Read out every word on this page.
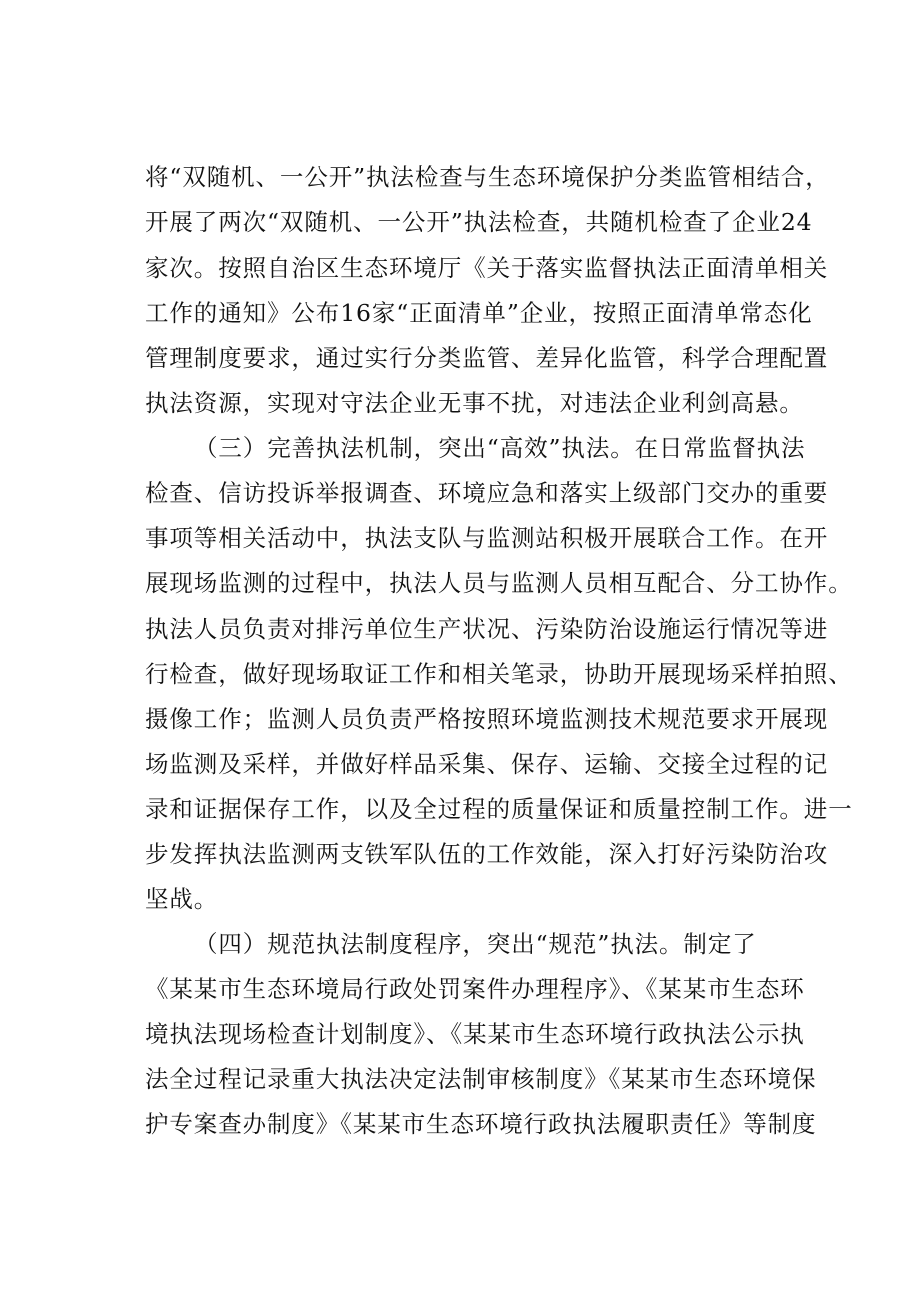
将“双随机、一公开”执法检查与生态环境保护分类监管相结合，
开展了两次“双随机、一公开”执法检查，共随机检查了企业24
家次。按照自治区生态环境厅《关于落实监督执法正面清单相关
工作的通知》公布16家“正面清单”企业，按照正面清单常态化
管理制度要求，通过实行分类监管、差异化监管，科学合理配置
执法资源，实现对守法企业无事不扰，对违法企业利剑高悬。
（三）完善执法机制，突出“高效”执法。在日常监督执法
检查、信访投诉举报调查、环境应急和落实上级部门交办的重要
事项等相关活动中，执法支队与监测站积极开展联合工作。在开
展现场监测的过程中，执法人员与监测人员相互配合、分工协作。
执法人员负责对排污单位生产状况、污染防治设施运行情况等进
行检查，做好现场取证工作和相关笔录，协助开展现场采样拍照、
摄像工作；监测人员负责严格按照环境监测技术规范要求开展现
场监测及采样，并做好样品采集、保存、运输、交接全过程的记
录和证据保存工作，以及全过程的质量保证和质量控制工作。进一
步发挥执法监测两支铁军队伍的工作效能，深入打好污染防治攻
坚战。
（四）规范执法制度程序，突出“规范”执法。制定了
《某某市生态环境局行政处罚案件办理程序》、《某某市生态环
境执法现场检查计划制度》、《某某市生态环境行政执法公示执
法全过程记录重大执法决定法制审核制度》《某某市生态环境保
护专案查办制度》《某某市生态环境行政执法履职责任》等制度
